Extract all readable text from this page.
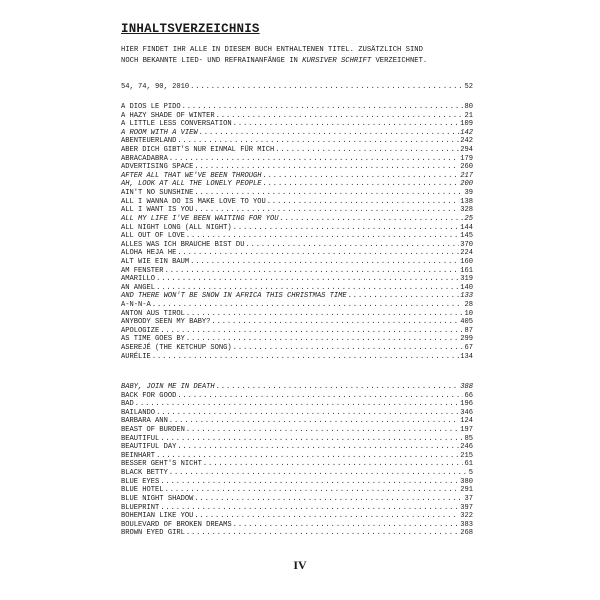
INHALTSVERZEICHNIS
HIER FINDET IHR ALLE IN DIESEM BUCH ENTHALTENEN TITEL. ZUSÄTZLICH SIND
NOCH BEKANNTE LIED- UND REFRAINANFÄNGE IN KURSIVER SCHRIFT VERZEICHNET.
54, 74, 90, 2010 .....	52
A DIOS LE PIDO .....	80
A HAZY SHADE OF WINTER .....	21
A LITTLE LESS CONVERSATION .....	109
A ROOM WITH A VIEW .....	142
ABENTEUERLAND .....	242
ABER DICH GIBT'S NUR EINMAL FÜR MICH .....	294
ABRACADABRA .....	179
ADVERTISING SPACE .....	260
AFTER ALL THAT WE'VE BEEN THROUGH .....	217
AH, LOOK AT ALL THE LONELY PEOPLE .....	200
AIN'T NO SUNSHINE .....	39
ALL I WANNA DO IS MAKE LOVE TO YOU .....	138
ALL I WANT IS YOU .....	328
ALL MY LIFE I'VE BEEN WAITING FOR YOU .....	25
ALL NIGHT LONG (ALL NIGHT) .....	144
ALL OUT OF LOVE .....	145
ALLES WAS ICH BRAUCHE BIST DU .....	370
ALOHA HEJA HE .....	224
ALT WIE EIN BAUM .....	160
AM FENSTER .....	161
AMARILLO .....	319
AN ANGEL .....	140
AND THERE WON'T BE SNOW IN AFRICA THIS CHRISTMAS TIME .....	133
A-N-N-A .....	28
ANTON AUS TIROL .....	10
ANYBODY SEEN MY BABY? .....	405
APOLOGIZE .....	87
AS TIME GOES BY .....	299
ASEREJÉ (THE KETCHUP SONG) .....	67
AURÉLIE .....	134
BABY, JOIN ME IN DEATH .....	388
BACK FOR GOOD .....	66
BAD .....	196
BAILANDO .....	346
BARBARA ANN .....	124
BEAST OF BURDEN .....	197
BEAUTIFUL .....	85
BEAUTIFUL DAY .....	246
BEINHART .....	215
BESSER GEHT'S NICHT .....	61
BLACK BETTY .....	5
BLUE EYES .....	380
BLUE HOTEL .....	291
BLUE NIGHT SHADOW .....	37
BLUEPRINT .....	397
BOHEMIAN LIKE YOU .....	322
BOULEVARD OF BROKEN DREAMS .....	383
BROWN EYED GIRL .....	268
IV
